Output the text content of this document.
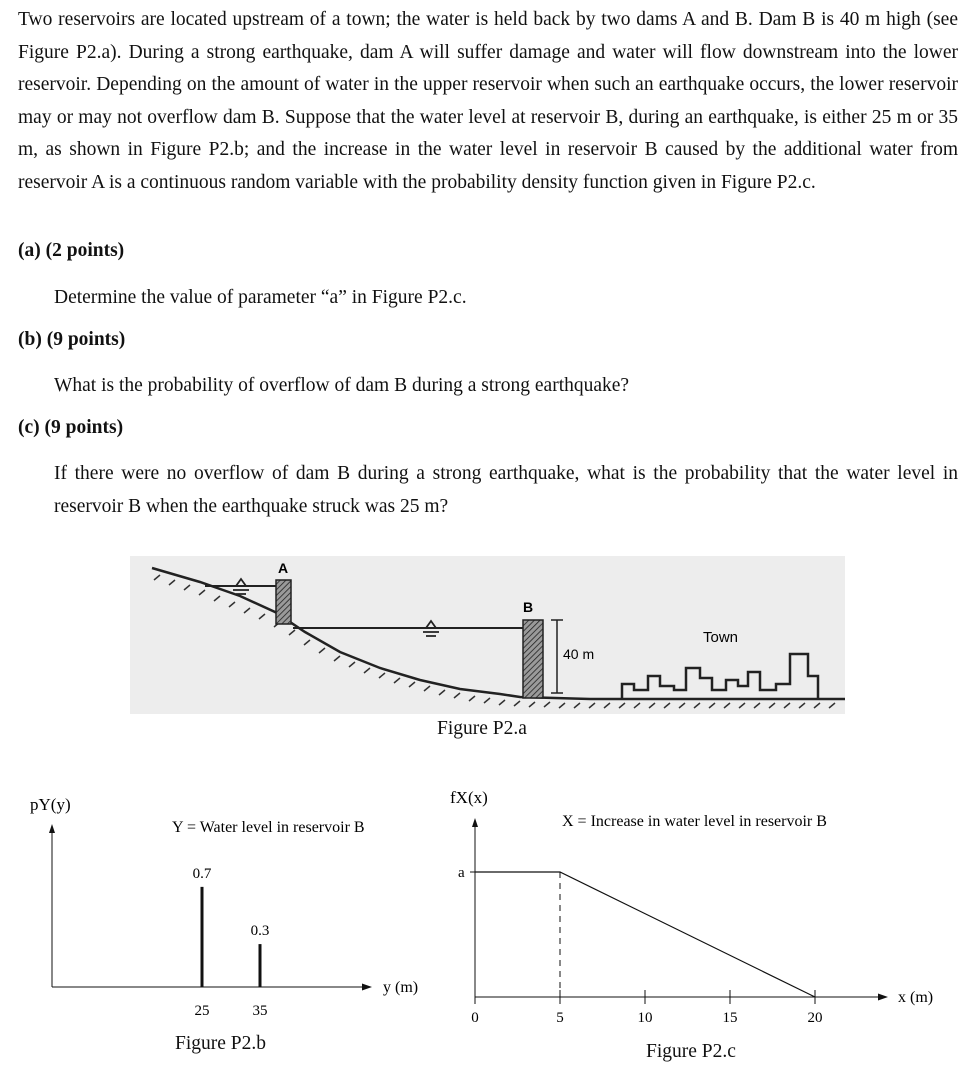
Two reservoirs are located upstream of a town; the water is held back by two dams A and B. Dam B is 40 m high (see Figure P2.a). During a strong earthquake, dam A will suffer damage and water will flow downstream into the lower reservoir. Depending on the amount of water in the upper reservoir when such an earthquake occurs, the lower reservoir may or may not overflow dam B. Suppose that the water level at reservoir B, during an earthquake, is either 25 m or 35 m, as shown in Figure P2.b; and the increase in the water level in reservoir B caused by the additional water from reservoir A is a continuous random variable with the probability density function given in Figure P2.c.

(a) (2 points)

Determine the value of parameter “a” in Figure P2.c.

(b) (9 points)

What is the probability of overflow of dam B during a strong earthquake?

(c) (9 points)

If there were no overflow of dam B during a strong earthquake, what is the probability that the water level in reservoir B when the earthquake struck was 25 m?

A
B
40 m
Town

Figure P2.a

pY(y)
y (m)
Y = Water level in reservoir B
0.7
25
0.3
35

Figure P2.b

fX(x)
x (m)
X = Increase in water level in reservoir B
a
0	5	10	15	20

Figure P2.c
